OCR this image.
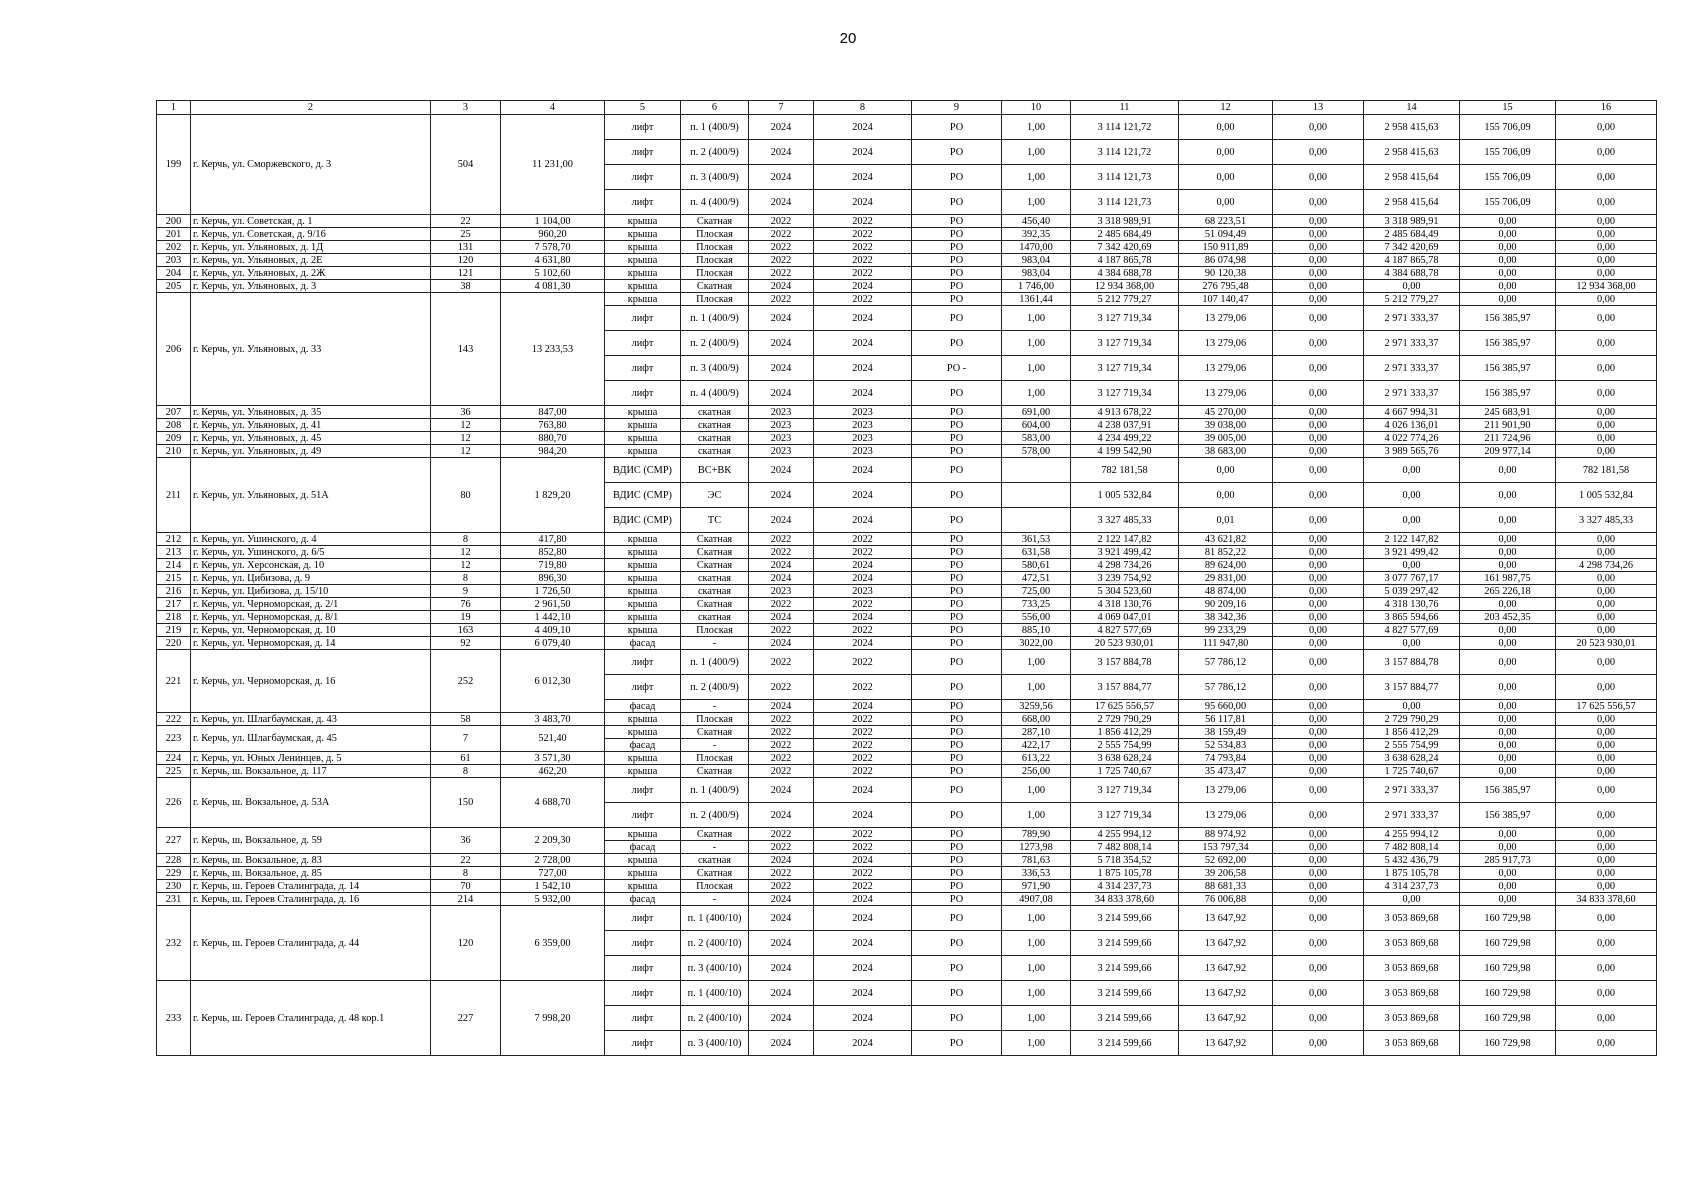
20
1	2	3	4	5	6	7	8	9	10	11	12	13	14	15	16
199	г. Керчь, ул. Сморжевского, д. 3	504	11 231,00	лифт	п. 1 (400/9)	2024	2024	РО	1,00	3 114 121,72	0,00	0,00	2 958 415,63	155 706,09	0,00
				лифт	п. 2 (400/9)	2024	2024	РО	1,00	3 114 121,72	0,00	0,00	2 958 415,63	155 706,09	0,00
				лифт	п. 3 (400/9)	2024	2024	РО	1,00	3 114 121,73	0,00	0,00	2 958 415,64	155 706,09	0,00
				лифт	п. 4 (400/9)	2024	2024	РО	1,00	3 114 121,73	0,00	0,00	2 958 415,64	155 706,09	0,00
200	г. Керчь, ул. Советская, д. 1	22	1 104,00	крыша	Скатная	2022	2022	РО	456,40	3 318 989,91	68 223,51	0,00	3 318 989,91	0,00	0,00
201	г. Керчь, ул. Советская, д. 9/16	25	960,20	крыша	Плоская	2022	2022	РО	392,35	2 485 684,49	51 094,49	0,00	2 485 684,49	0,00	0,00
202	г. Керчь, ул. Ульяновых, д. 1Д	131	7 578,70	крыша	Плоская	2022	2022	РО	1470,00	7 342 420,69	150 911,89	0,00	7 342 420,69	0,00	0,00
203	г. Керчь, ул. Ульяновых, д. 2Е	120	4 631,80	крыша	Плоская	2022	2022	РО	983,04	4 187 865,78	86 074,98	0,00	4 187 865,78	0,00	0,00
204	г. Керчь, ул. Ульяновых, д. 2Ж	121	5 102,60	крыша	Плоская	2022	2022	РО	983,04	4 384 688,78	90 120,38	0,00	4 384 688,78	0,00	0,00
205	г. Керчь, ул. Ульяновых, д. 3	38	4 081,30	крыша	Скатная	2024	2024	РО	1 746,00	12 934 368,00	276 795,48	0,00	0,00	0,00	12 934 368,00
206	г. Керчь, ул. Ульяновых, д. 33	143	13 233,53	крыша	Плоская	2022	2022	РО	1361,44	5 212 779,27	107 140,47	0,00	5 212 779,27	0,00	0,00
				лифт	п. 1 (400/9)	2024	2024	РО	1,00	3 127 719,34	13 279,06	0,00	2 971 333,37	156 385,97	0,00
				лифт	п. 2 (400/9)	2024	2024	РО	1,00	3 127 719,34	13 279,06	0,00	2 971 333,37	156 385,97	0,00
				лифт	п. 3 (400/9)	2024	2024	РО -	1,00	3 127 719,34	13 279,06	0,00	2 971 333,37	156 385,97	0,00
				лифт	п. 4 (400/9)	2024	2024	РО	1,00	3 127 719,34	13 279,06	0,00	2 971 333,37	156 385,97	0,00
207	г. Керчь, ул. Ульяновых, д. 35	36	847,00	крыша	скатная	2023	2023	РО	691,00	4 913 678,22	45 270,00	0,00	4 667 994,31	245 683,91	0,00
208	г. Керчь, ул. Ульяновых, д. 41	12	763,80	крыша	скатная	2023	2023	РО	604,00	4 238 037,91	39 038,00	0,00	4 026 136,01	211 901,90	0,00
209	г. Керчь, ул. Ульяновых, д. 45	12	880,70	крыша	скатная	2023	2023	РО	583,00	4 234 499,22	39 005,00	0,00	4 022 774,26	211 724,96	0,00
210	г. Керчь, ул. Ульяновых, д. 49	12	984,20	крыша	скатная	2023	2023	РО	578,00	4 199 542,90	38 683,00	0,00	3 989 565,76	209 977,14	0,00
211	г. Керчь, ул. Ульяновых, д. 51А	80	1 829,20	ВДИС (СМР)	ВС+ВК	2024	2024	РО		782 181,58	0,00	0,00	0,00	0,00	782 181,58
				ВДИС (СМР)	ЭС	2024	2024	РО		1 005 532,84	0,00	0,00	0,00	0,00	1 005 532,84
				ВДИС (СМР)	ТС	2024	2024	РО		3 327 485,33	0,01	0,00	0,00	0,00	3 327 485,33
212	г. Керчь, ул. Ушинского, д. 4	8	417,80	крыша	Скатная	2022	2022	РО	361,53	2 122 147,82	43 621,82	0,00	2 122 147,82	0,00	0,00
213	г. Керчь, ул. Ушинского, д. 6/5	12	852,80	крыша	Скатная	2022	2022	РО	631,58	3 921 499,42	81 852,22	0,00	3 921 499,42	0,00	0,00
214	г. Керчь, ул. Херсонская, д. 10	12	719,80	крыша	Скатная	2024	2024	РО	580,61	4 298 734,26	89 624,00	0,00	0,00	0,00	4 298 734,26
215	г. Керчь, ул. Цибизова, д. 9	8	896,30	крыша	скатная	2024	2024	РО	472,51	3 239 754,92	29 831,00	0,00	3 077 767,17	161 987,75	0,00
216	г. Керчь, ул. Цибизова, д. 15/10	9	1 726,50	крыша	скатная	2023	2023	РО	725,00	5 304 523,60	48 874,00	0,00	5 039 297,42	265 226,18	0,00
217	г. Керчь, ул. Черноморская, д. 2/1	76	2 961,50	крыша	Скатная	2022	2022	РО	733,25	4 318 130,76	90 209,16	0,00	4 318 130,76	0,00	0,00
218	г. Керчь, ул. Черноморская, д. 8/1	19	1 442,10	крыша	скатная	2024	2024	РО	556,00	4 069 047,01	38 342,36	0,00	3 865 594,66	203 452,35	0,00
219	г. Керчь, ул. Черноморская, д. 10	163	4 409,10	крыша	Плоская	2022	2022	РО	885,10	4 827 577,69	99 233,29	0,00	4 827 577,69	0,00	0,00
220	г. Керчь, ул. Черноморская, д. 14	92	6 079,40	фасад	-	2024	2024	РО	3022,00	20 523 930,01	111 947,80	0,00	0,00	0,00	20 523 930,01
221	г. Керчь, ул. Черноморская, д. 16	252	6 012,30	лифт	п. 1 (400/9)	2022	2022	РО	1,00	3 157 884,78	57 786,12	0,00	3 157 884,78	0,00	0,00
				лифт	п. 2 (400/9)	2022	2022	РО	1,00	3 157 884,77	57 786,12	0,00	3 157 884,77	0,00	0,00
				фасад	-	2024	2024	РО	3259,56	17 625 556,57	95 660,00	0,00	0,00	0,00	17 625 556,57
222	г. Керчь, ул. Шлагбаумская, д. 43	58	3 483,70	крыша	Плоская	2022	2022	РО	668,00	2 729 790,29	56 117,81	0,00	2 729 790,29	0,00	0,00
223	г. Керчь, ул. Шлагбаумская, д. 45	7	521,40	крыша	Скатная	2022	2022	РО	287,10	1 856 412,29	38 159,49	0,00	1 856 412,29	0,00	0,00
				фасад	-	2022	2022	РО	422,17	2 555 754,99	52 534,83	0,00	2 555 754,99	0,00	0,00
224	г. Керчь, ул. Юных Ленинцев, д. 5	61	3 571,30	крыша	Плоская	2022	2022	РО	613,22	3 638 628,24	74 793,84	0,00	3 638 628,24	0,00	0,00
225	г. Керчь, ш. Вокзальное, д. 117	8	462,20	крыша	Скатная	2022	2022	РО	256,00	1 725 740,67	35 473,47	0,00	1 725 740,67	0,00	0,00
226	г. Керчь, ш. Вокзальное, д. 53А	150	4 688,70	лифт	п. 1 (400/9)	2024	2024	РО	1,00	3 127 719,34	13 279,06	0,00	2 971 333,37	156 385,97	0,00
				лифт	п. 2 (400/9)	2024	2024	РО	1,00	3 127 719,34	13 279,06	0,00	2 971 333,37	156 385,97	0,00
227	г. Керчь, ш. Вокзальное, д. 59	36	2 209,30	крыша	Скатная	2022	2022	РО	789,90	4 255 994,12	88 974,92	0,00	4 255 994,12	0,00	0,00
				фасад	-	2022	2022	РО	1273,98	7 482 808,14	153 797,34	0,00	7 482 808,14	0,00	0,00
228	г. Керчь, ш. Вокзальное, д. 83	22	2 728,00	крыша	скатная	2024	2024	РО	781,63	5 718 354,52	52 692,00	0,00	5 432 436,79	285 917,73	0,00
229	г. Керчь, ш. Вокзальное, д. 85	8	727,00	крыша	Скатная	2022	2022	РО	336,53	1 875 105,78	39 206,58	0,00	1 875 105,78	0,00	0,00
230	г. Керчь, ш. Героев Сталинграда, д. 14	70	1 542,10	крыша	Плоская	2022	2022	РО	971,90	4 314 237,73	88 681,33	0,00	4 314 237,73	0,00	0,00
231	г. Керчь, ш. Героев Сталинграда, д. 16	214	5 932,00	фасад	-	2024	2024	РО	4907,08	34 833 378,60	76 006,88	0,00	0,00	0,00	34 833 378,60
232	г. Керчь, ш. Героев Сталинграда, д. 44	120	6 359,00	лифт	п. 1 (400/10)	2024	2024	РО	1,00	3 214 599,66	13 647,92	0,00	3 053 869,68	160 729,98	0,00
				лифт	п. 2 (400/10)	2024	2024	РО	1,00	3 214 599,66	13 647,92	0,00	3 053 869,68	160 729,98	0,00
				лифт	п. 3 (400/10)	2024	2024	РО	1,00	3 214 599,66	13 647,92	0,00	3 053 869,68	160 729,98	0,00
233	г. Керчь, ш. Героев Сталинграда, д. 48 кор.1	227	7 998,20	лифт	п. 1 (400/10)	2024	2024	РО	1,00	3 214 599,66	13 647,92	0,00	3 053 869,68	160 729,98	0,00
				лифт	п. 2 (400/10)	2024	2024	РО	1,00	3 214 599,66	13 647,92	0,00	3 053 869,68	160 729,98	0,00
				лифт	п. 3 (400/10)	2024	2024	РО	1,00	3 214 599,66	13 647,92	0,00	3 053 869,68	160 729,98	0,00
